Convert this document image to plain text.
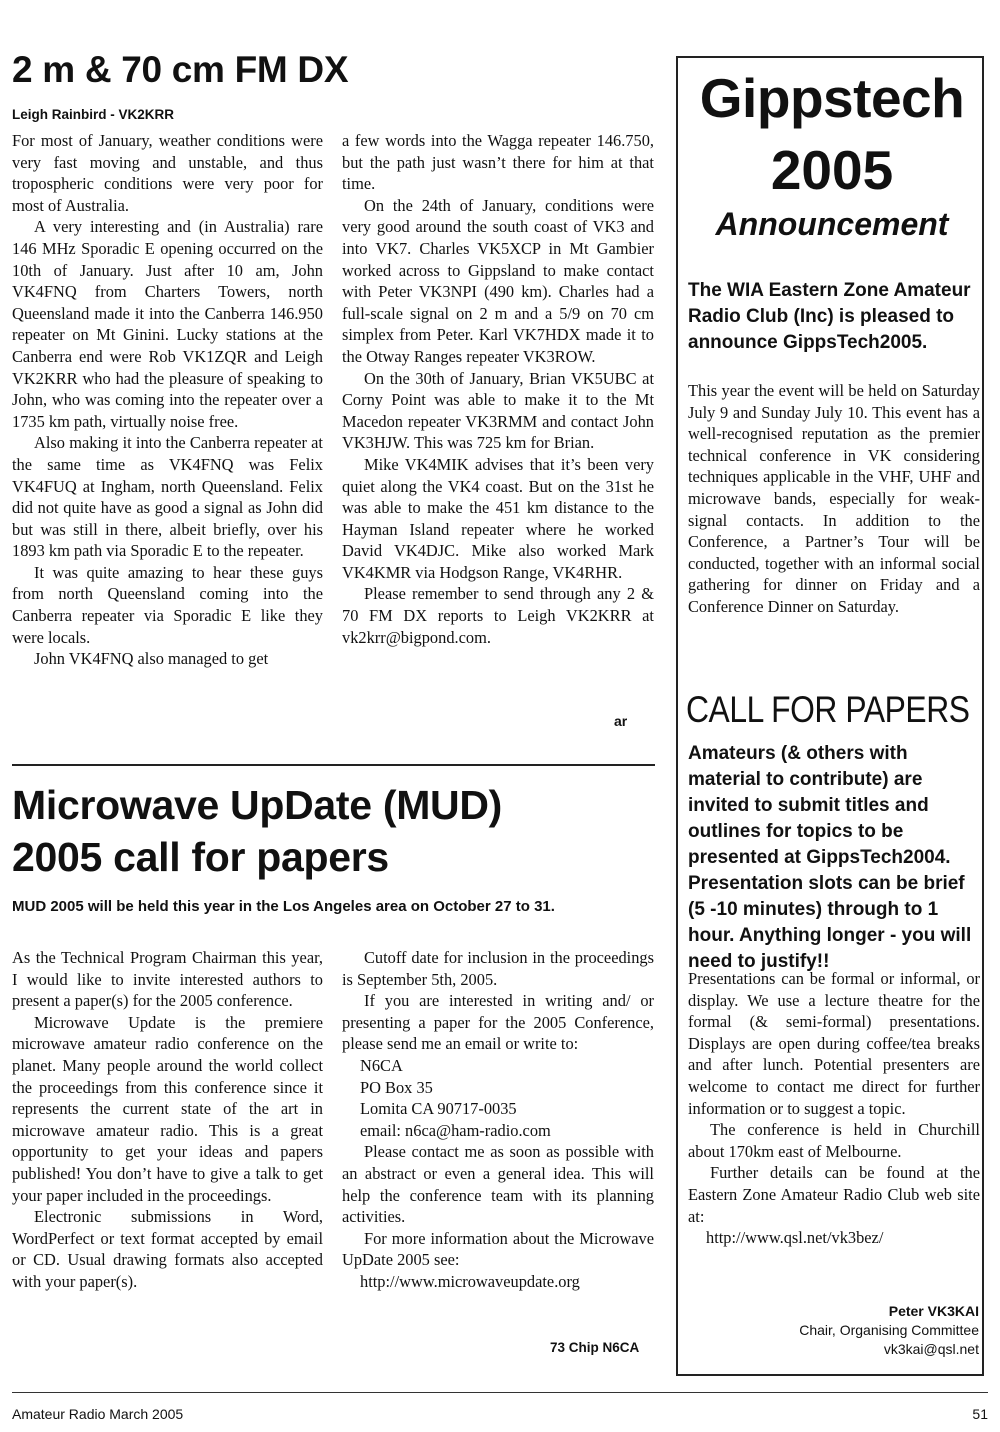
2 m & 70 cm FM DX
Leigh Rainbird - VK2KRR

For most of January, weather conditions were very fast moving and unstable, and thus tropospheric conditions were very poor for most of Australia.

A very interesting and (in Australia) rare 146 MHz Sporadic E opening occurred on the 10th of January. Just after 10 am, John VK4FNQ from Charters Towers, north Queensland made it into the Canberra 146.950 repeater on Mt Ginini. Lucky stations at the Canberra end were Rob VK1ZQR and Leigh VK2KRR who had the pleasure of speaking to John, who was coming into the repeater over a 1735 km path, virtually noise free.

Also making it into the Canberra repeater at the same time as VK4FNQ was Felix VK4FUQ at Ingham, north Queensland. Felix did not quite have as good a signal as John did but was still in there, albeit briefly, over his 1893 km path via Sporadic E to the repeater.

It was quite amazing to hear these guys from north Queensland coming into the Canberra repeater via Sporadic E like they were locals.

John VK4FNQ also managed to get

a few words into the Wagga repeater 146.750, but the path just wasn’t there for him at that time.

On the 24th of January, conditions were very good around the south coast of VK3 and into VK7. Charles VK5XCP in Mt Gambier worked across to Gippsland to make contact with Peter VK3NPI (490 km). Charles had a full-scale signal on 2 m and a 5/9 on 70 cm simplex from Peter. Karl VK7HDX made it to the Otway Ranges repeater VK3ROW.

On the 30th of January, Brian VK5UBC at Corny Point was able to make it to the Mt Macedon repeater VK3RMM and contact John VK3HJW. This was 725 km for Brian.

Mike VK4MIK advises that it’s been very quiet along the VK4 coast. But on the 31st he was able to make the 451 km distance to the Hayman Island repeater where he worked David VK4DJC. Mike also worked Mark VK4KMR via Hodgson Range, VK4RHR.

Please remember to send through any 2 & 70 FM DX reports to Leigh VK2KRR at vk2krr@bigpond.com.

ar
Microwave UpDate (MUD)
2005 call for papers
MUD 2005 will be held this year in the Los Angeles area on October 27 to 31.

As the Technical Program Chairman this year, I would like to invite interested authors to present a paper(s) for the 2005 conference.

Microwave Update is the premiere microwave amateur radio conference on the planet. Many people around the world collect the proceedings from this conference since it represents the current state of the art in microwave amateur radio. This is a great opportunity to get your ideas and papers published! You don’t have to give a talk to get your paper included in the proceedings.

Electronic submissions in Word, WordPerfect or text format accepted by email or CD. Usual drawing formats also accepted with your paper(s).

Cutoff date for inclusion in the proceedings is September 5th, 2005.

If you are interested in writing and/ or presenting a paper for the 2005 Conference, please send me an email or write to:

N6CA

PO Box 35

Lomita CA 90717-0035

email: n6ca@ham-radio.com

Please contact me as soon as possible with an abstract or even a general idea. This will help the conference team with its planning activities.

For more information about the Microwave UpDate 2005 see:

http://www.microwaveupdate.org

73 Chip N6CA
Gippstech
2005
Announcement
The WIA Eastern Zone Amateur Radio Club (Inc) is pleased to announce GippsTech2005.

This year the event will be held on Saturday July 9 and Sunday July 10. This event has a well-recognised reputation as the premier technical conference in VK considering techniques applicable in the VHF, UHF and microwave bands, especially for weak-signal contacts. In addition to the Conference, a Partner’s Tour will be conducted, together with an informal social gathering for dinner on Friday and a Conference Dinner on Saturday.

CALL FOR PAPERS
Amateurs (& others with material to contribute) are invited to submit titles and outlines for topics to be presented at GippsTech2004. Presentation slots can be brief (5 -10 minutes) through to 1 hour. Anything longer - you will need to justify!!

Presentations can be formal or informal, or display. We use a lecture theatre for the formal (& semi-formal) presentations. Displays are open during coffee/tea breaks and after lunch. Potential presenters are welcome to contact me direct for further information or to suggest a topic.

The conference is held in Churchill about 170km east of Melbourne.

Further details can be found at the Eastern Zone Amateur Radio Club web site at:

http://www.qsl.net/vk3bez/

Peter VK3KAI
Chair, Organising Committee
vk3kai@qsl.net
Amateur Radio March 2005	51
